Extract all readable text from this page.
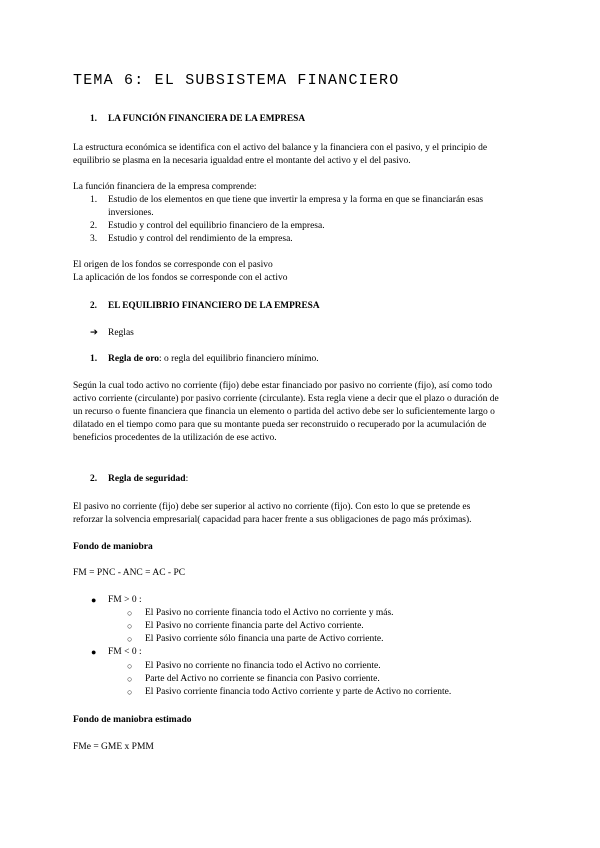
TEMA 6: EL SUBSISTEMA FINANCIERO
1. LA FUNCIÓN FINANCIERA DE LA EMPRESA
La estructura económica se identifica con el activo del balance y la financiera con el pasivo, y el principio de
equilibrio se plasma en la necesaria igualdad entre el montante del activo y el del pasivo.
La función financiera de la empresa comprende:
1. Estudio de los elementos en que tiene que invertir la empresa y la forma en que se financiarán esas
inversiones.
2. Estudio y control del equilibrio financiero de la empresa.
3. Estudio y control del rendimiento de la empresa.
El origen de los fondos se corresponde con el pasivo
La aplicación de los fondos se corresponde con el activo
2. EL EQUILIBRIO FINANCIERO DE LA EMPRESA
➔ Reglas
1. Regla de oro: o regla del equilibrio financiero mínimo.
Según la cual todo activo no corriente (fijo) debe estar financiado por pasivo no corriente (fijo), así como todo
activo corriente (circulante) por pasivo corriente (circulante). Esta regla viene a decir que el plazo o duración de
un recurso o fuente financiera que financia un elemento o partida del activo debe ser lo suficientemente largo o
dilatado en el tiempo como para que su montante pueda ser reconstruido o recuperado por la acumulación de
beneficios procedentes de la utilización de ese activo.
2. Regla de seguridad:
El pasivo no corriente (fijo) debe ser superior al activo no corriente (fijo). Con esto lo que se pretende es
reforzar la solvencia empresarial( capacidad para hacer frente a sus obligaciones de pago más próximas).
Fondo de maniobra
FM = PNC - ANC = AC - PC
● FM > 0 :
○ El Pasivo no corriente financia todo el Activo no corriente y más.
○ El Pasivo no corriente financia parte del Activo corriente.
○ El Pasivo corriente sólo financia una parte de Activo corriente.
● FM < 0 :
○ El Pasivo no corriente no financia todo el Activo no corriente.
○ Parte del Activo no corriente se financia con Pasivo corriente.
○ El Pasivo corriente financia todo Activo corriente y parte de Activo no corriente.
Fondo de maniobra estimado
FMe = GME x PMM
